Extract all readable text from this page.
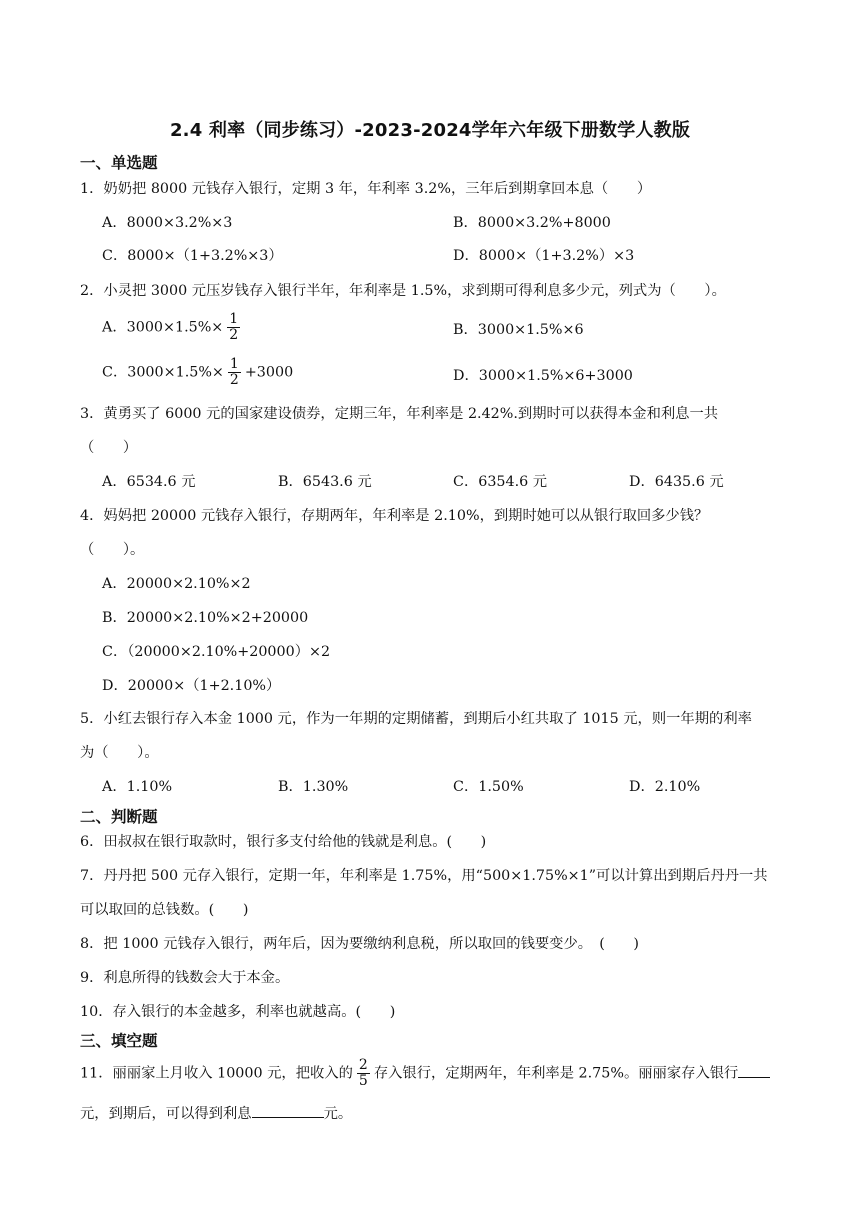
2.4 利率（同步练习）-2023-2024学年六年级下册数学人教版
一、单选题
1．奶奶把 8000 元钱存入银行，定期 3 年，年利率 3.2%，三年后到期拿回本息（　　）
A．8000×3.2%×3	B．8000×3.2%+8000
C．8000×（1+3.2%×3）	D．8000×（1+3.2%）×3
2．小灵把 3000 元压岁钱存入银行半年，年利率是 1.5%，求到期可得利息多少元，列式为（　　）。
A．$3000\times 1.5\%\times \frac{1}{2}$	B．3000×1.5%×6
C．$3000\times 1.5\%\times \frac{1}{2} +3000$	D．3000×1.5%×6+3000
3．黄勇买了 6000 元的国家建设债券，定期三年，年利率是 2.42%.到期时可以获得本金和利息一共
（　　）
A．6534.6 元	B．6543.6 元	C．6354.6 元	D．6435.6 元
4．妈妈把 20000 元钱存入银行，存期两年，年利率是 2.10%，到期时她可以从银行取回多少钱？
（　　）。
A．20000×2.10%×2
B．20000×2.10%×2+20000
C．（20000×2.10%+20000）×2
D．20000×（1+2.10%）
5．小红去银行存入本金 1000 元，作为一年期的定期储蓄，到期后小红共取了 1015 元，则一年期的利率
为（　　）。
A．1.10%	B．1.30%	C．1.50%	D．2.10%
二、判断题
6．田叔叔在银行取款时，银行多支付给他的钱就是利息。(　　)
7．丹丹把 500 元存入银行，定期一年，年利率是 1.75%，用“500×1.75%×1”可以计算出到期后丹丹一共
可以取回的总钱数。(　　)
8．把 1000 元钱存入银行，两年后，因为要缴纳利息税，所以取回的钱要变少。　(　　)
9．利息所得的钱数会大于本金。
10．存入银行的本金越多，利率也就越高。(　　)
三、填空题
11．丽丽家上月收入 10000 元，把收入的 $\frac{2}{5}$ 存入银行，定期两年，年利率是 2.75%。丽丽家存入银行
元，到期后，可以得到利息	元。
